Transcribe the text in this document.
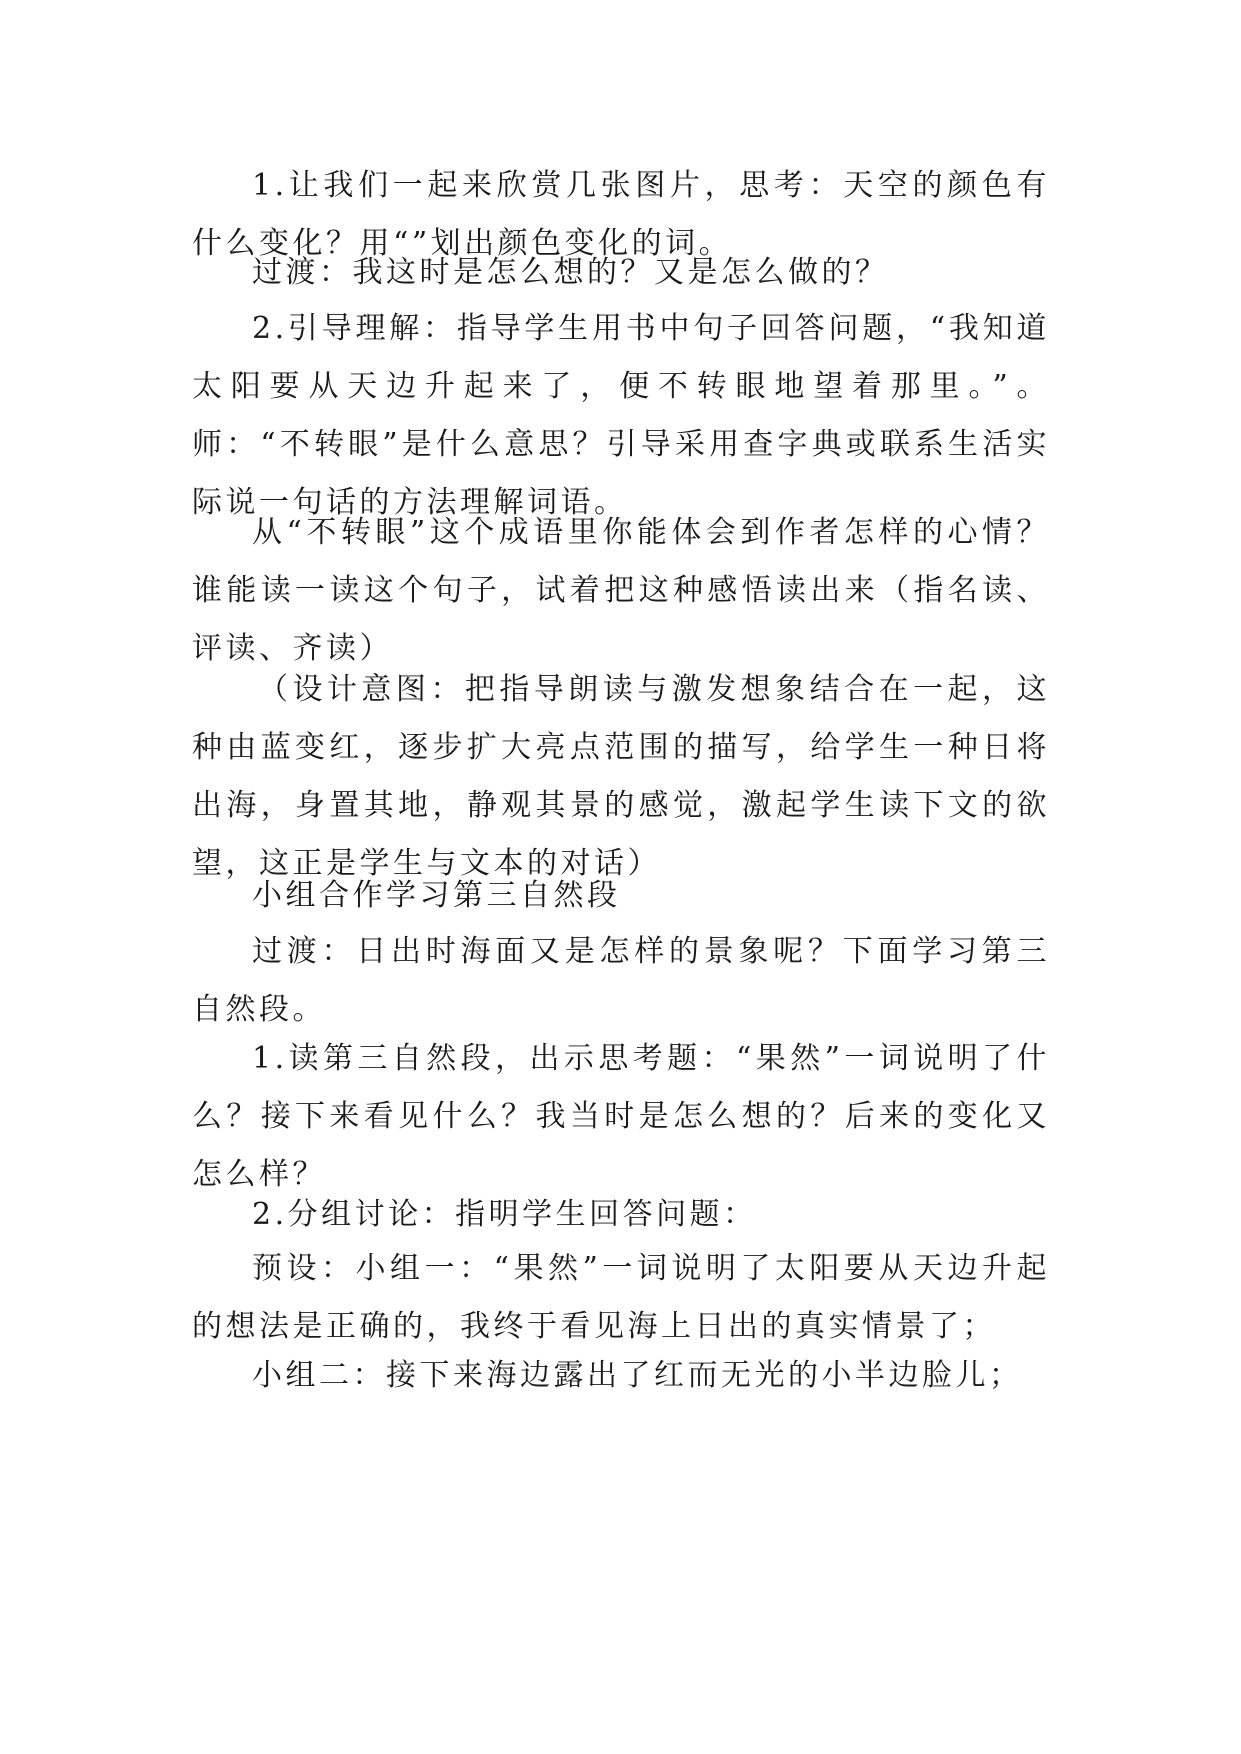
1.让我们一起来欣赏几张图片，思考：天空的颜色有什么变化？用“”划出颜色变化的词。

过渡：我这时是怎么想的？又是怎么做的？

2.引导理解：指导学生用书中句子回答问题，“我知道太阳要从天边升起来了，便不转眼地望着那里。”。师：“不转眼”是什么意思？引导采用查字典或联系生活实际说一句话的方法理解词语。

从“不转眼”这个成语里你能体会到作者怎样的心情？谁能读一读这个句子，试着把这种感悟读出来（指名读、评读、齐读）

（设计意图：把指导朗读与激发想象结合在一起，这种由蓝变红，逐步扩大亮点范围的描写，给学生一种日将出海，身置其地，静观其景的感觉，激起学生读下文的欲望，这正是学生与文本的对话）

小组合作学习第三自然段

过渡：日出时海面又是怎样的景象呢？下面学习第三自然段。

1.读第三自然段，出示思考题：“果然”一词说明了什么？接下来看见什么？我当时是怎么想的？后来的变化又怎么样？

2.分组讨论：指明学生回答问题：

预设：小组一：“果然”一词说明了太阳要从天边升起的想法是正确的，我终于看见海上日出的真实情景了；

小组二：接下来海边露出了红而无光的小半边脸儿；
